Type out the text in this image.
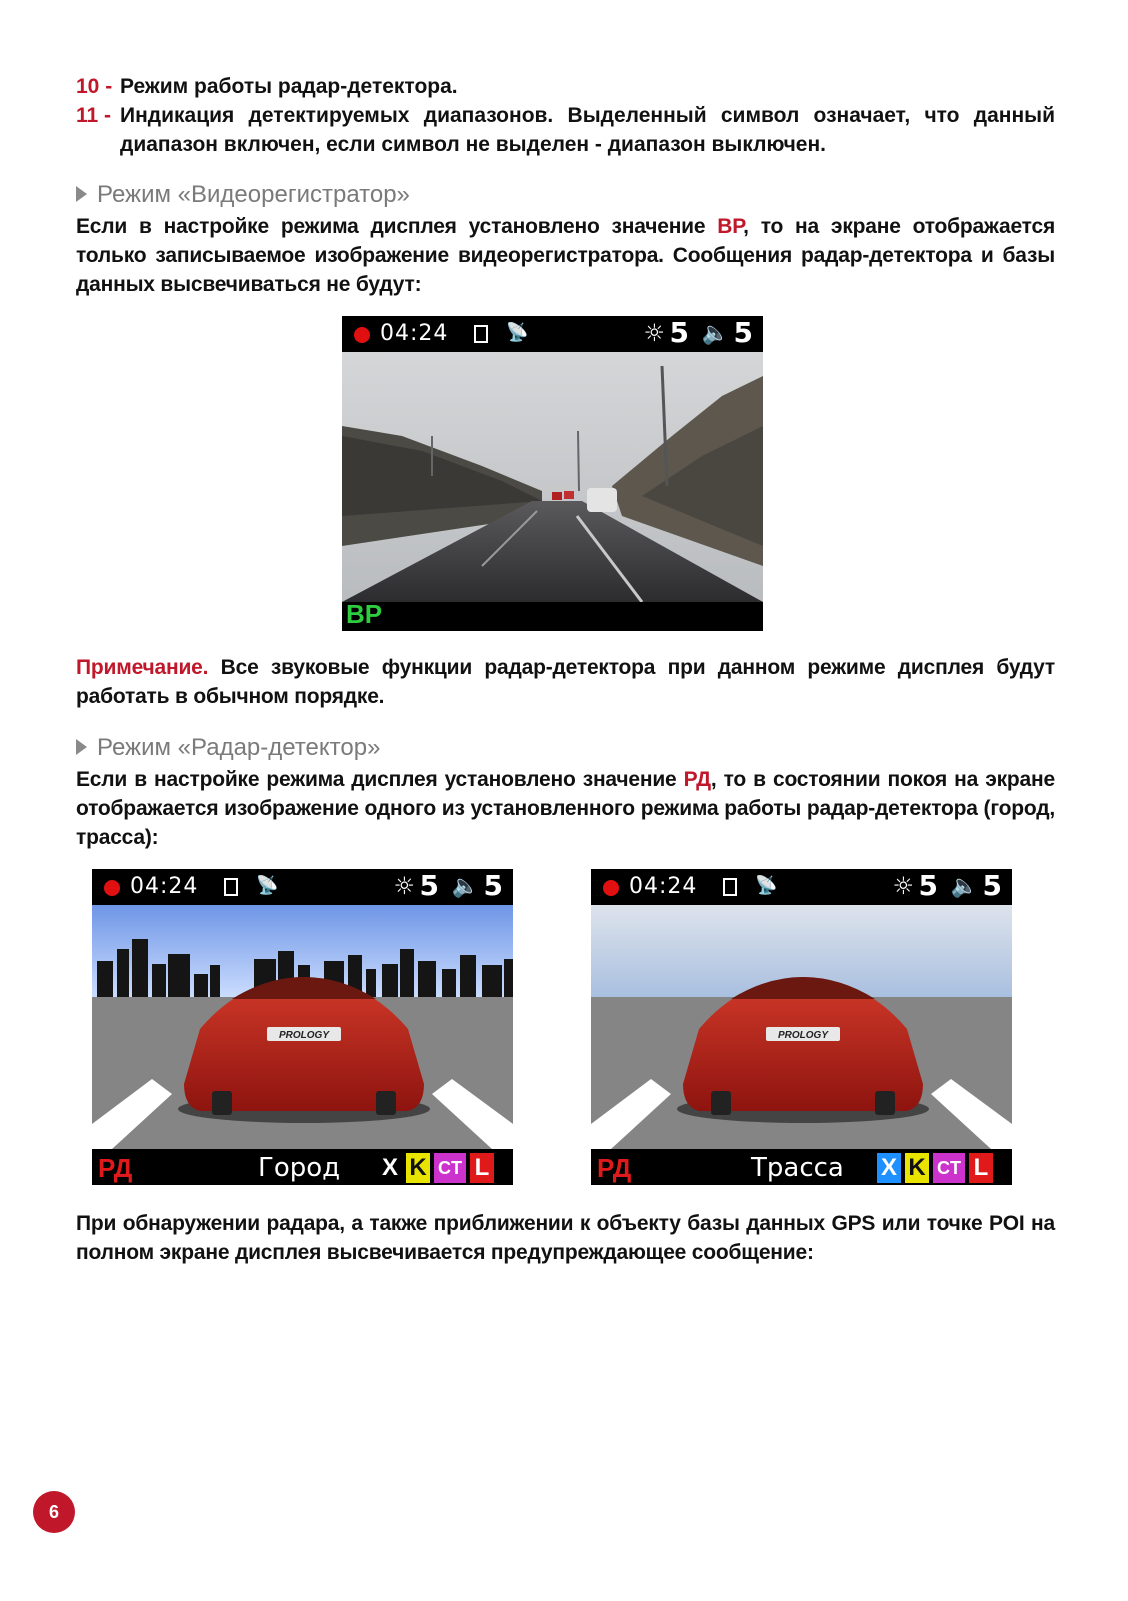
10 - Режим работы радар-детектора.
11 - Индикация детектируемых диапазонов. Выделенный символ означает, что данный диапазон включен, если символ не выделен - диапазон выключен.
Режим «Видеорегистратор»
Если в настройке режима дисплея установлено значение ВР, то на экране отображается только записываемое изображение видеорегистратора. Сообщения радар-детектора и базы данных высвечиваться не будут:
04:24	📡	☼ 5 🔈 5
ВР
Примечание. Все звуковые функции радар-детектора при данном режиме дисплея будут работать в обычном порядке.
Режим «Радар-детектор»
Если в настройке режима дисплея установлено значение РД, то в состоянии покоя на экране отображается изображение одного из установленного режима работы радар-детектора (город, трасса):
PROLOGY
04:24	📡	☼ 5 🔈 5
РД	Город X K CT L
PROLOGY
04:24	📡	☼ 5 🔈 5
РД	Трасса X K CT L
При обнаружении радара, а также приближении к объекту базы данных GPS или точке POI на полном экране дисплея высвечивается предупреждающее сообщение:
6
